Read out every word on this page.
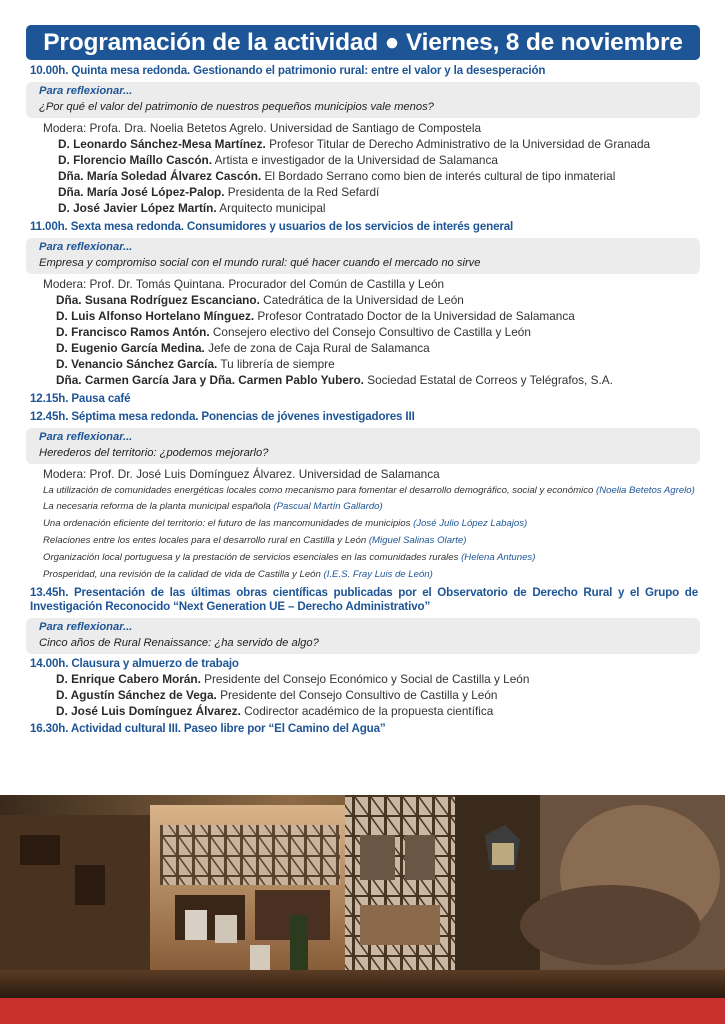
Programación de la actividad ● Viernes, 8 de noviembre
10.00h. Quinta mesa redonda. Gestionando el patrimonio rural: entre el valor y la desesperación
Para reflexionar...
¿Por qué el valor del patrimonio de nuestros pequeños municipios vale menos?
Modera: Profa. Dra. Noelia Betetos Agrelo. Universidad de Santiago de Compostela
D. Leonardo Sánchez-Mesa Martínez. Profesor Titular de Derecho Administrativo de la Universidad de Granada
D. Florencio Maíllo Cascón. Artista e investigador de la Universidad de Salamanca
Dña. María Soledad Álvarez Cascón. El Bordado Serrano como bien de interés cultural de tipo inmaterial
Dña. María José López-Palop. Presidenta de la Red Sefardí
D. José Javier López Martín. Arquitecto municipal
11.00h. Sexta mesa redonda. Consumidores y usuarios de los servicios de interés general
Para reflexionar...
Empresa y compromiso social con el mundo rural: qué hacer cuando el mercado no sirve
Modera: Prof. Dr. Tomás Quintana. Procurador del Común de Castilla y León
Dña. Susana Rodríguez Escanciano. Catedrática de la Universidad de León
D. Luis Alfonso Hortelano Mínguez. Profesor Contratado Doctor de la Universidad de Salamanca
D. Francisco Ramos Antón. Consejero electivo del Consejo Consultivo de Castilla y León
D. Eugenio García Medina. Jefe de zona de Caja Rural de Salamanca
D. Venancio Sánchez García. Tu librería de siempre
Dña. Carmen García Jara y Dña. Carmen Pablo Yubero. Sociedad Estatal de Correos y Telégrafos, S.A.
12.15h. Pausa café
12.45h. Séptima mesa redonda. Ponencias de jóvenes investigadores III
Para reflexionar...
Herederos del territorio: ¿podemos mejorarlo?
Modera: Prof. Dr. José Luis Domínguez Álvarez. Universidad de Salamanca
La utilización de comunidades energéticas locales como mecanismo para fomentar el desarrollo demográfico, social y económico (Noelia Betetos Agrelo)
La necesaria reforma de la planta municipal española (Pascual Martín Gallardo)
Una ordenación eficiente del territorio: el futuro de las mancomunidades de municipios (José Julio López Labajos)
Relaciones entre los entes locales para el desarrollo rural en Castilla y León (Miguel Salinas Olarte)
Organización local portuguesa y la prestación de servicios esenciales en las comunidades rurales (Helena Antunes)
Prosperidad, una revisión de la calidad de vida de Castilla y León (I.E.S. Fray Luis de León)
13.45h. Presentación de las últimas obras científicas publicadas por el Observatorio de Derecho Rural y el Grupo de Investigación Reconocido “Next Generation UE – Derecho Administrativo”
Para reflexionar...
Cinco años de Rural Renaissance: ¿ha servido de algo?
14.00h. Clausura y almuerzo de trabajo
D. Enrique Cabero Morán. Presidente del Consejo Económico y Social de Castilla y León
D. Agustín Sánchez de Vega. Presidente del Consejo Consultivo de Castilla y León
D. José Luis Domínguez Álvarez. Codirector académico de la propuesta científica
16.30h. Actividad cultural III. Paseo libre por “El Camino del Agua”
